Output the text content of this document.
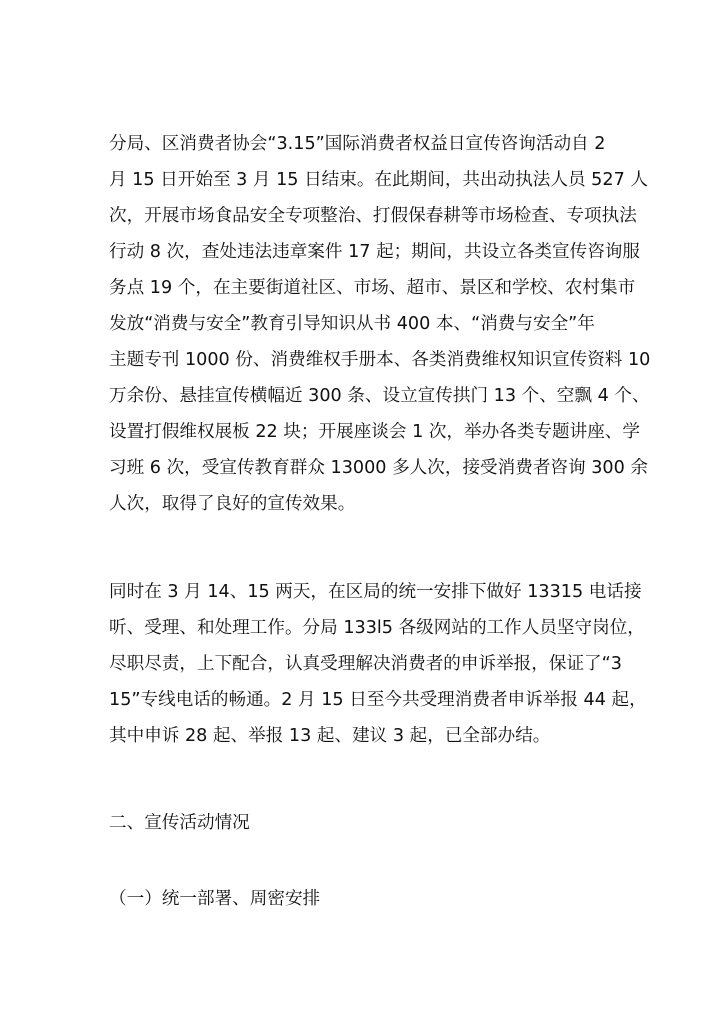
分局、区消费者协会“3.15”国际消费者权益日宣传咨询活动自 2
月 15 日开始至 3 月 15 日结束。在此期间，共出动执法人员 527 人
次，开展市场食品安全专项整治、打假保春耕等市场检查、专项执法
行动 8 次，查处违法违章案件 17 起；期间，共设立各类宣传咨询服
务点 19 个，在主要街道社区、市场、超市、景区和学校、农村集市
发放“消费与安全”教育引导知识从书 400 本、“消费与安全”年
主题专刊 1000 份、消费维权手册本、各类消费维权知识宣传资料 10
万余份、悬挂宣传横幅近 300 条、设立宣传拱门 13 个、空飘 4 个、
设置打假维权展板 22 块；开展座谈会 1 次，举办各类专题讲座、学
习班 6 次，受宣传教育群众 13000 多人次，接受消费者咨询 300 余
人次，取得了良好的宣传效果。
同时在 3 月 14、15 两天，在区局的统一安排下做好 13315 电话接
听、受理、和处理工作。分局 133l5 各级网站的工作人员坚守岗位，
尽职尽责，上下配合，认真受理解决消费者的申诉举报，保证了“3
15”专线电话的畅通。2 月 15 日至今共受理消费者申诉举报 44 起，
其中申诉 28 起、举报 13 起、建议 3 起，已全部办结。
二、宣传活动情况
（一）统一部署、周密安排
